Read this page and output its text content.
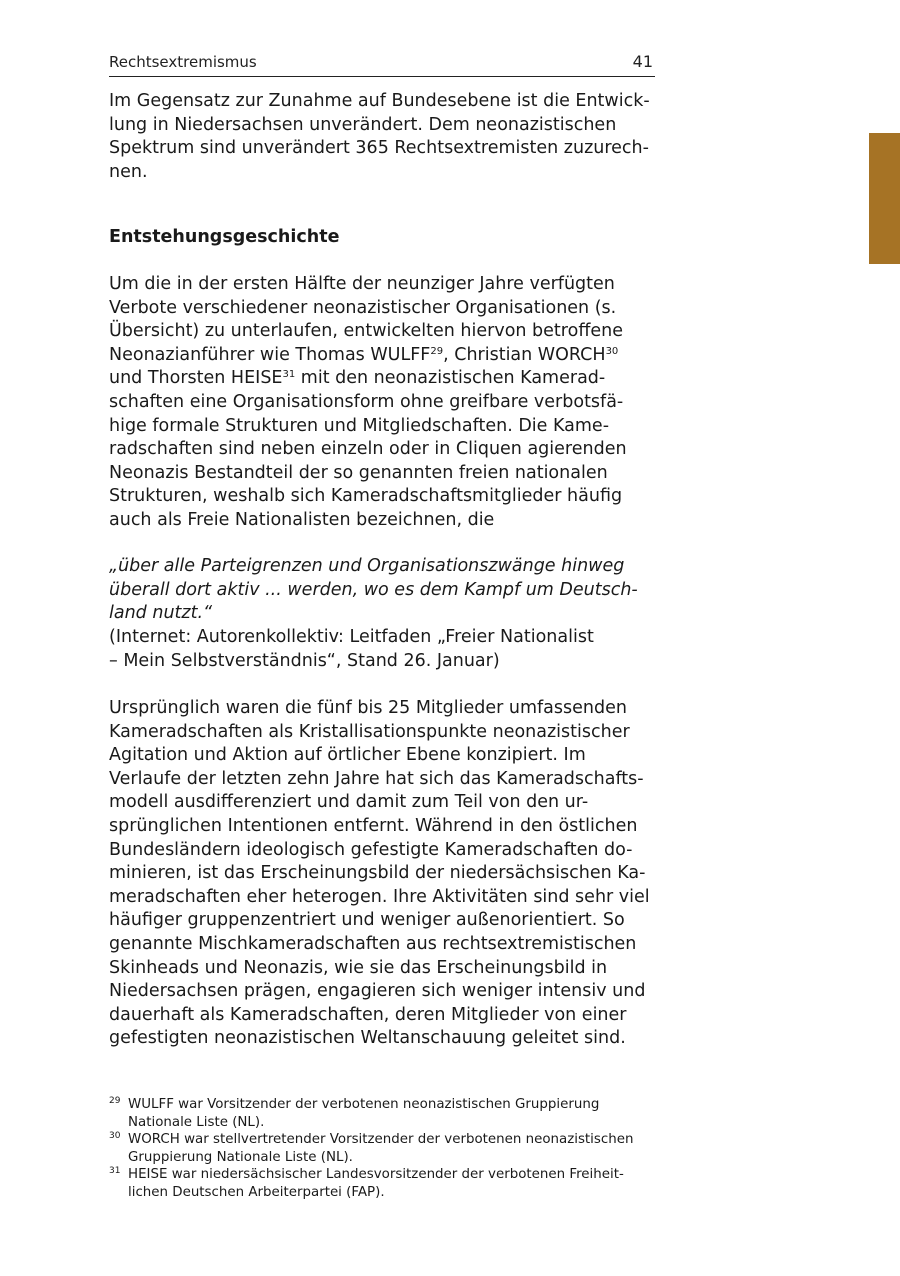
Rechtsextremismus	41
Im Gegensatz zur Zunahme auf Bundesebene ist die Entwick-
lung in Niedersachsen unverändert. Dem neonazistischen
Spektrum sind unverändert 365 Rechtsextremisten zuzurech-
nen.
Entstehungsgeschichte
Um die in der ersten Hälfte der neunziger Jahre verfügten
Verbote verschiedener neonazistischer Organisationen (s.
Übersicht) zu unterlaufen, entwickelten hiervon betroffene
Neonazianführer wie Thomas WULFF$^{29}$, Christian WORCH$^{30}$
und Thorsten HEISE$^{31}$ mit den neonazistischen Kamerad-
schaften eine Organisationsform ohne greifbare verbotsfä-
hige formale Strukturen und Mitgliedschaften. Die Kame-
radschaften sind neben einzeln oder in Cliquen agierenden
Neonazis Bestandteil der so genannten freien nationalen
Strukturen, weshalb sich Kameradschaftsmitglieder häufig
auch als Freie Nationalisten bezeichnen, die
„über alle Parteigrenzen und Organisationszwänge hinweg
überall dort aktiv ... werden, wo es dem Kampf um Deutsch-
land nutzt.“
(Internet: Autorenkollektiv: Leitfaden „Freier Nationalist
– Mein Selbstverständnis“, Stand 26. Januar)
Ursprünglich waren die fünf bis 25 Mitglieder umfassenden
Kameradschaften als Kristallisationspunkte neonazistischer
Agitation und Aktion auf örtlicher Ebene konzipiert. Im
Verlaufe der letzten zehn Jahre hat sich das Kameradschafts-
modell ausdifferenziert und damit zum Teil von den ur-
sprünglichen Intentionen entfernt. Während in den östlichen
Bundesländern ideologisch gefestigte Kameradschaften do-
minieren, ist das Erscheinungsbild der niedersächsischen Ka-
meradschaften eher heterogen. Ihre Aktivitäten sind sehr viel
häufiger gruppenzentriert und weniger außenorientiert. So
genannte Mischkameradschaften aus rechtsextremistischen
Skinheads und Neonazis, wie sie das Erscheinungsbild in
Niedersachsen prägen, engagieren sich weniger intensiv und
dauerhaft als Kameradschaften, deren Mitglieder von einer
gefestigten neonazistischen Weltanschauung geleitet sind.
29 WULFF war Vorsitzender der verbotenen neonazistischen Gruppierung
Nationale Liste (NL).
30 WORCH war stellvertretender Vorsitzender der verbotenen neonazistischen
Gruppierung Nationale Liste (NL).
31 HEISE war niedersächsischer Landesvorsitzender der verbotenen Freiheit-
lichen Deutschen Arbeiterpartei (FAP).
